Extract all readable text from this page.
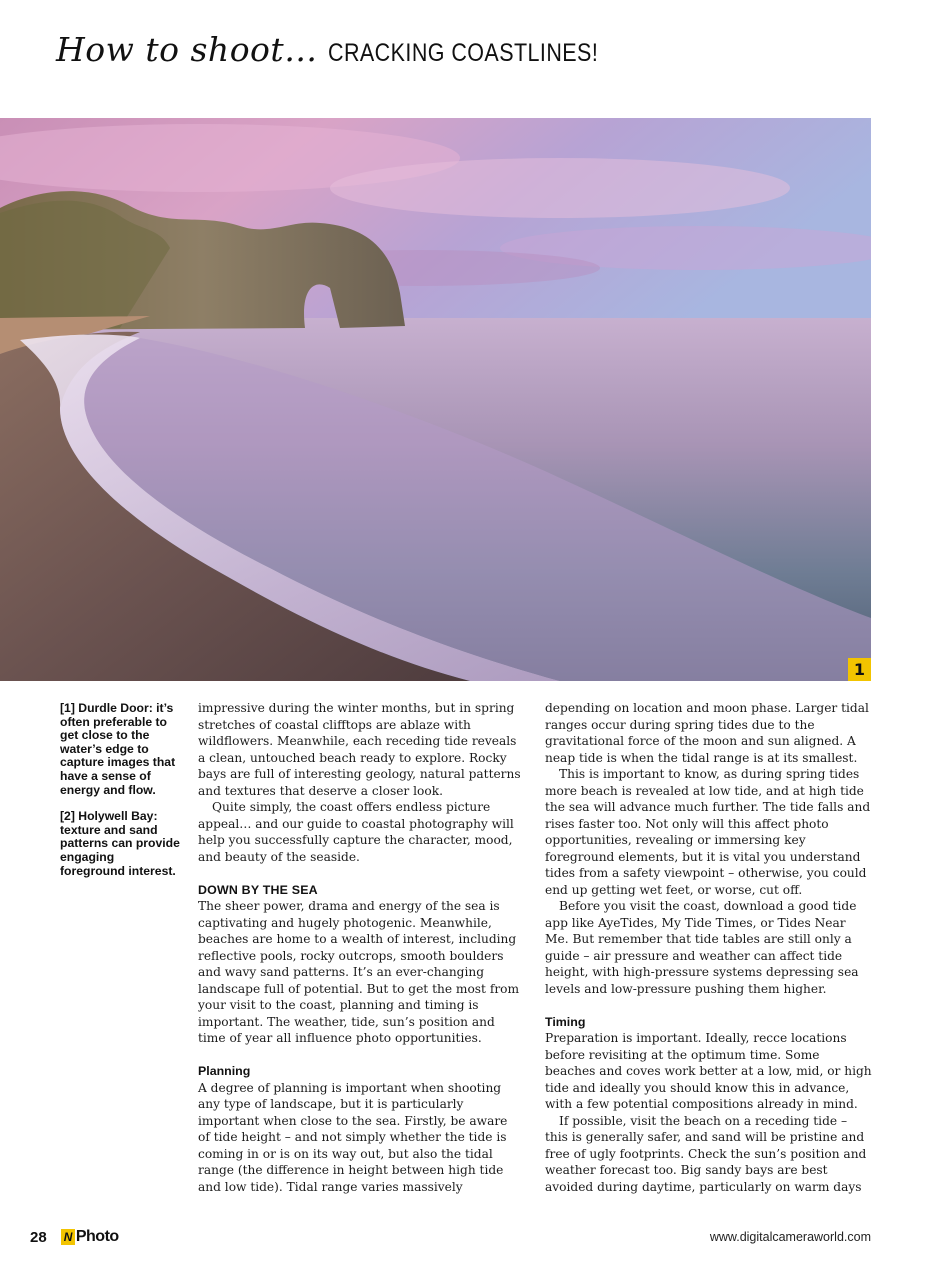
How to shoot… CRACKING COASTLINES!
1

[1] Durdle Door: it’s often preferable to get close to the water’s edge to capture images that have a sense of energy and flow.

[2] Holywell Bay: texture and sand patterns can provide engaging foreground interest.

impressive during the winter months, but in spring stretches of coastal clifftops are ablaze with wildflowers. Meanwhile, each receding tide reveals a clean, untouched beach ready to explore. Rocky bays are full of interesting geology, natural patterns and textures that deserve a closer look.

Quite simply, the coast offers endless picture appeal… and our guide to coastal photography will help you successfully capture the character, mood, and beauty of the seaside.

DOWN BY THE SEA

The sheer power, drama and energy of the sea is captivating and hugely photogenic. Meanwhile, beaches are home to a wealth of interest, including reflective pools, rocky outcrops, smooth boulders and wavy sand patterns. It’s an ever-changing landscape full of potential. But to get the most from your visit to the coast, planning and timing is important. The weather, tide, sun’s position and time of year all influence photo opportunities.

Planning

A degree of planning is important when shooting any type of landscape, but it is particularly important when close to the sea. Firstly, be aware of tide height – and not simply whether the tide is coming in or is on its way out, but also the tidal range (the difference in height between high tide and low tide). Tidal range varies massively

depending on location and moon phase. Larger tidal ranges occur during spring tides due to the gravitational force of the moon and sun aligned. A neap tide is when the tidal range is at its smallest.

This is important to know, as during spring tides more beach is revealed at low tide, and at high tide the sea will advance much further. The tide falls and rises faster too. Not only will this affect photo opportunities, revealing or immersing key foreground elements, but it is vital you understand tides from a safety viewpoint – otherwise, you could end up getting wet feet, or worse, cut off.

Before you visit the coast, download a good tide app like AyeTides, My Tide Times, or Tides Near Me. But remember that tide tables are still only a guide – air pressure and weather can affect tide height, with high-pressure systems depressing sea levels and low-pressure pushing them higher.

Timing

Preparation is important. Ideally, recce locations before revisiting at the optimum time. Some beaches and coves work better at a low, mid, or high tide and ideally you should know this in advance, with a few potential compositions already in mind.

If possible, visit the beach on a receding tide – this is generally safer, and sand will be pristine and free of ugly footprints. Check the sun’s position and weather forecast too. Big sandy bays are best avoided during daytime, particularly on warm days

28 N Photo	www.digitalcameraworld.com
